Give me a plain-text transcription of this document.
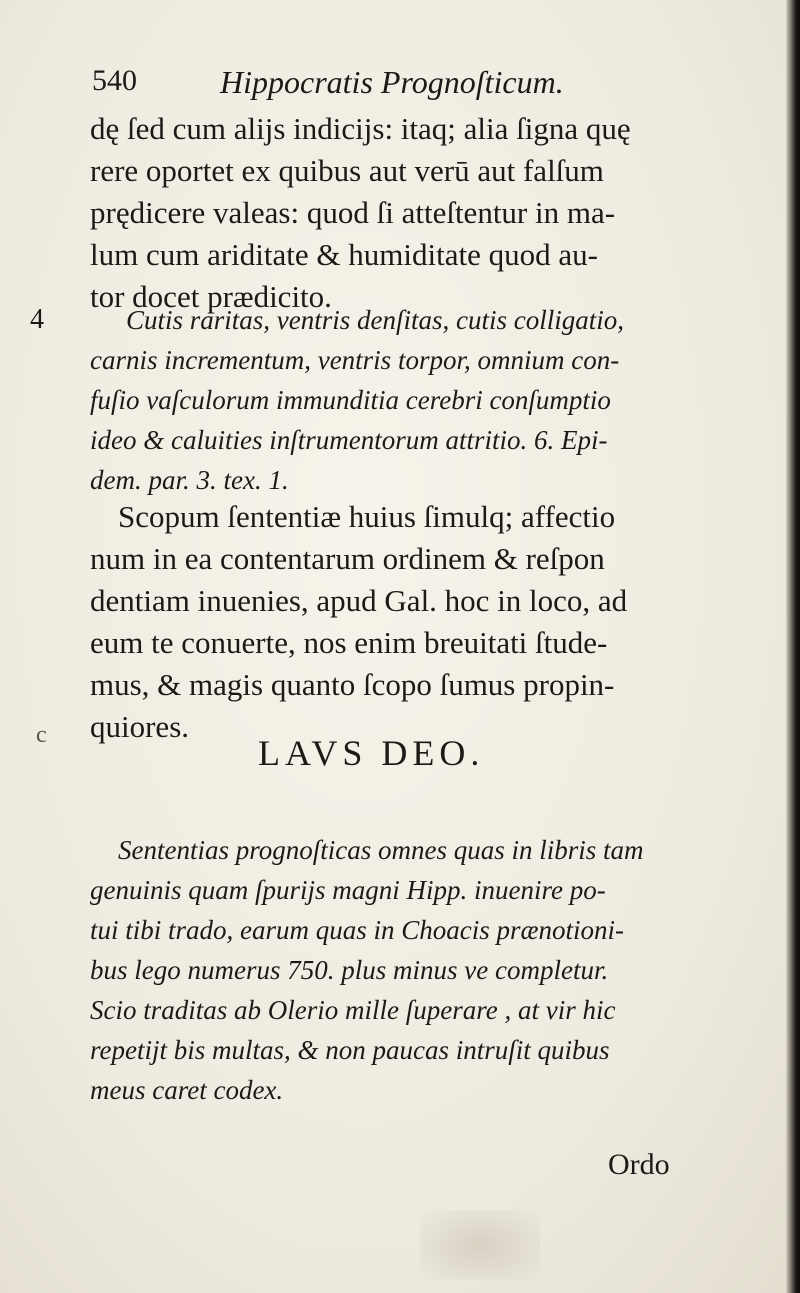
540	Hippocratis Prognoſticum.
dę ſed cum alijs indicijs: itaq; alia ſigna quę
rere oportet ex quibus aut verū aut falſum
prędicere valeas: quod ſi atteſtentur in ma-
lum cum ariditate & humiditate quod au-
tor docet prædicito.
4	Cutis raritas, ventris denſitas, cutis colligatio,
carnis incrementum, ventris torpor, omnium con-
fuſio vaſculorum immunditia cerebri conſumptio
ideo & caluities inſtrumentorum attritio. 6. Epi-
dem. par. 3. tex. 1.
Scopum ſententiæ huius ſimulq; affectio
num in ea contentarum ordinem & reſpon
dentiam inuenies, apud Gal. hoc in loco, ad
eum te conuerte, nos enim breuitati ſtude-
mus, & magis quanto ſcopo ſumus propin-
quiores.
c	LAVS DEO.
Sententias prognoſticas omnes quas in libris tam
genuinis quam ſpurijs magni Hipp. inuenire po-
tui tibi trado, earum quas in Choacis prænotioni-
bus lego numerus 750. plus minus ve completur.
Scio traditas ab Olerio mille ſuperare , at vir hic
repetijt bis multas, & non paucas intruſit quibus
meus caret codex.
Ordo
